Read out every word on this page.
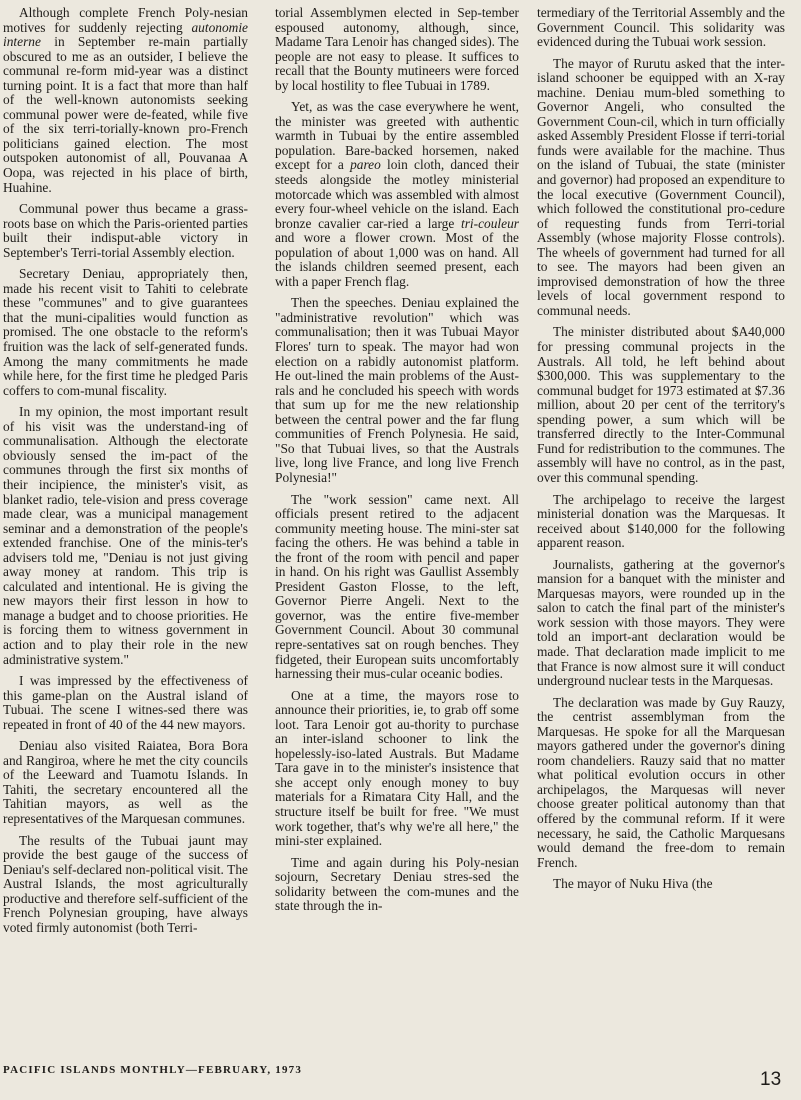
Although complete French Poly-nesian motives for suddenly rejecting autonomie interne in September re-main partially obscured to me as an outsider, I believe the communal re-form mid-year was a distinct turning point. It is a fact that more than half of the well-known autonomists seeking communal power were de-feated, while five of the six terri-torially-known pro-French politicians gained election. The most outspoken autonomist of all, Pouvanaa A Oopa, was rejected in his place of birth, Huahine.

Communal power thus became a grass-roots base on which the Paris-oriented parties built their indisput-able victory in September's Terri-torial Assembly election.

Secretary Deniau, appropriately then, made his recent visit to Tahiti to celebrate these "communes" and to give guarantees that the muni-cipalities would function as promised. The one obstacle to the reform's fruition was the lack of self-generated funds. Among the many commitments he made while here, for the first time he pledged Paris coffers to com-munal fiscality.

In my opinion, the most important result of his visit was the understand-ing of communalisation. Although the electorate obviously sensed the im-pact of the communes through the first six months of their incipience, the minister's visit, as blanket radio, tele-vision and press coverage made clear, was a municipal management seminar and a demonstration of the people's extended franchise. One of the minis-ter's advisers told me, "Deniau is not just giving away money at random. This trip is calculated and intentional. He is giving the new mayors their first lesson in how to manage a budget and to choose priorities. He is forcing them to witness government in action and to play their role in the new administrative system."

I was impressed by the effectiveness of this game-plan on the Austral island of Tubuai. The scene I witnes-sed there was repeated in front of 40 of the 44 new mayors.

Deniau also visited Raiatea, Bora Bora and Rangiroa, where he met the city councils of the Leeward and Tuamotu Islands. In Tahiti, the secretary encountered all the Tahitian mayors, as well as the representatives of the Marquesan communes.

The results of the Tubuai jaunt may provide the best gauge of the success of Deniau's self-declared non-political visit. The Austral Islands, the most agriculturally productive and therefore self-sufficient of the French Polynesian grouping, have always voted firmly autonomist (both Terri-

torial Assemblymen elected in Sep-tember espoused autonomy, although, since, Madame Tara Lenoir has changed sides). The people are not easy to please. It suffices to recall that the Bounty mutineers were forced by local hostility to flee Tubuai in 1789.

Yet, as was the case everywhere he went, the minister was greeted with authentic warmth in Tubuai by the entire assembled population. Bare-backed horsemen, naked except for a pareo loin cloth, danced their steeds alongside the motley ministerial motorcade which was assembled with almost every four-wheel vehicle on the island. Each bronze cavalier car-ried a large tri-couleur and wore a flower crown. Most of the population of about 1,000 was on hand. All the islands children seemed present, each with a paper French flag.

Then the speeches. Deniau explained the "administrative revolution" which was communalisation; then it was Tubuai Mayor Flores' turn to speak. The mayor had won election on a rabidly autonomist platform. He out-lined the main problems of the Aust-rals and he concluded his speech with words that sum up for me the new relationship between the central power and the far flung communities of French Polynesia. He said, "So that Tubuai lives, so that the Australs live, long live France, and long live French Polynesia!"

The "work session" came next. All officials present retired to the adjacent community meeting house. The mini-ster sat facing the others. He was behind a table in the front of the room with pencil and paper in hand. On his right was Gaullist Assembly President Gaston Flosse, to the left, Governor Pierre Angeli. Next to the governor, was the entire five-member Government Council. About 30 communal repre-sentatives sat on rough benches. They fidgeted, their European suits uncomfortably harnessing their mus-cular oceanic bodies.

One at a time, the mayors rose to announce their priorities, ie, to grab off some loot. Tara Lenoir got au-thority to purchase an inter-island schooner to link the hopelessly-iso-lated Australs. But Madame Tara gave in to the minister's insistence that she accept only enough money to buy materials for a Rimatara City Hall, and the structure itself be built for free. "We must work together, that's why we're all here," the mini-ster explained.

Time and again during his Poly-nesian sojourn, Secretary Deniau stres-sed the solidarity between the com-munes and the state through the in-

termediary of the Territorial Assembly and the Government Council. This solidarity was evidenced during the Tubuai work session.

The mayor of Rurutu asked that the inter-island schooner be equipped with an X-ray machine. Deniau mum-bled something to Governor Angeli, who consulted the Government Coun-cil, which in turn officially asked Assembly President Flosse if terri-torial funds were available for the machine. Thus on the island of Tubuai, the state (minister and governor) had proposed an expenditure to the local executive (Government Council), which followed the constitutional pro-cedure of requesting funds from Terri-torial Assembly (whose majority Flosse controls). The wheels of government had turned for all to see. The mayors had been given an improvised demonstration of how the three levels of local government respond to communal needs.

The minister distributed about $A40,000 for pressing communal projects in the Australs. All told, he left behind about $300,000. This was supplementary to the communal budget for 1973 estimated at $7.36 million, about 20 per cent of the territory's spending power, a sum which will be transferred directly to the Inter-Communal Fund for redistribution to the communes. The assembly will have no control, as in the past, over this communal spending.

The archipelago to receive the largest ministerial donation was the Marquesas. It received about $140,000 for the following apparent reason.

Journalists, gathering at the governor's mansion for a banquet with the minister and Marquesas mayors, were rounded up in the salon to catch the final part of the minister's work session with those mayors. They were told an import-ant declaration would be made. That declaration made implicit to me that France is now almost sure it will conduct underground nuclear tests in the Marquesas.

The declaration was made by Guy Rauzy, the centrist assemblyman from the Marquesas. He spoke for all the Marquesan mayors gathered under the governor's dining room chandeliers. Rauzy said that no matter what political evolution occurs in other archipelagos, the Marquesas will never choose greater political autonomy than that offered by the communal reform. If it were necessary, he said, the Catholic Marquesans would demand the free-dom to remain French.

The mayor of Nuku Hiva (the

PACIFIC ISLANDS MONTHLY—FEBRUARY, 1973	13
